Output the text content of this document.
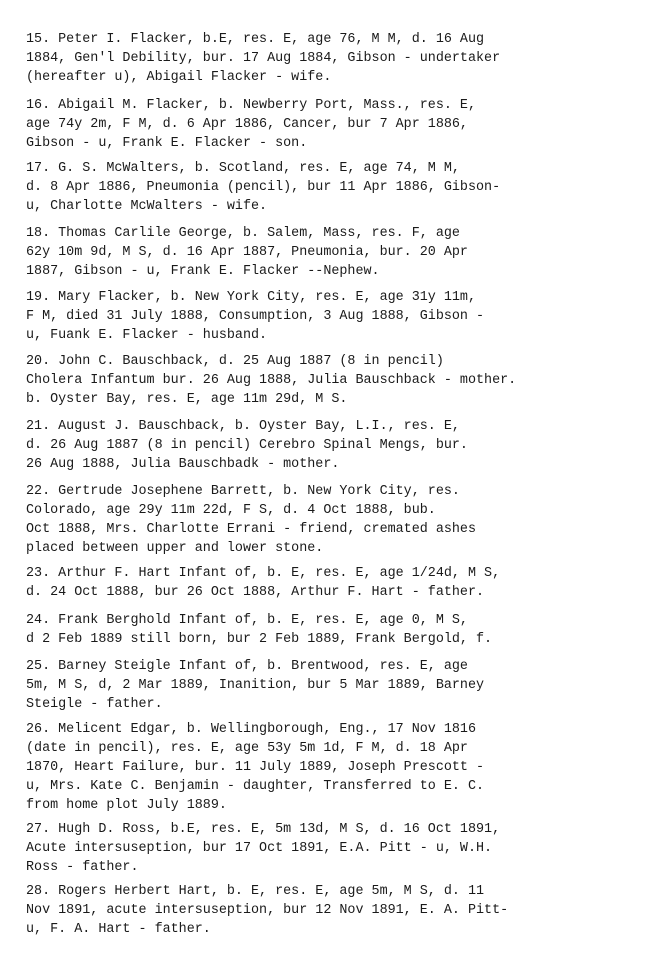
15. Peter I. Flacker, b.E, res. E, age 76, M M, d. 16 Aug
1884, Gen'l Debility, bur. 17 Aug 1884, Gibson - undertaker
(hereafter u), Abigail Flacker - wife.
16. Abigail M. Flacker, b. Newberry Port, Mass., res. E,
age 74y 2m, F M, d. 6 Apr 1886, Cancer, bur 7 Apr 1886,
Gibson - u, Frank E. Flacker - son.
17. G. S. McWalters, b. Scotland, res. E, age 74, M M,
d. 8 Apr 1886, Pneumonia (pencil), bur 11 Apr 1886, Gibson-
u, Charlotte McWalters - wife.
18. Thomas Carlile George, b. Salem, Mass, res. F, age
62y 10m 9d, M S, d. 16 Apr 1887, Pneumonia, bur. 20 Apr
1887, Gibson - u, Frank E. Flacker --Nephew.
19. Mary Flacker, b. New York City, res. E, age 31y 11m,
F M, died 31 July 1888, Consumption, 3 Aug 1888, Gibson -
u, Fuank E. Flacker - husband.
20. John C. Bauschback, d. 25 Aug 1887 (8 in pencil)
Cholera Infantum bur. 26 Aug 1888, Julia Bauschback - mother.
b. Oyster Bay, res. E, age 11m 29d, M S.
21. August J. Bauschback, b. Oyster Bay, L.I., res. E,
d. 26 Aug 1887 (8 in pencil) Cerebro Spinal Mengs, bur.
26 Aug 1888, Julia Bauschbadk - mother.
22. Gertrude Josephene Barrett, b. New York City, res.
Colorado, age 29y 11m 22d, F S, d. 4 Oct 1888, bub.
Oct 1888, Mrs. Charlotte Errani - friend, cremated ashes
placed between upper and lower stone.
23. Arthur F. Hart Infant of, b. E, res. E, age 1/24d, M S,
d. 24 Oct 1888, bur 26 Oct 1888, Arthur F. Hart - father.
24. Frank Berghold Infant of, b. E, res. E, age 0, M S,
d 2 Feb 1889 still born, bur 2 Feb 1889, Frank Bergold, f.
25. Barney Steigle Infant of, b. Brentwood, res. E, age
5m, M S, d, 2 Mar 1889, Inanition, bur 5 Mar 1889, Barney
Steigle - father.
26. Melicent Edgar, b. Wellingborough, Eng., 17 Nov 1816
(date in pencil), res. E, age 53y 5m 1d, F M, d. 18 Apr
1870, Heart Failure, bur. 11 July 1889, Joseph Prescott -
u, Mrs. Kate C. Benjamin - daughter, Transferred to E. C.
from home plot July 1889.
27. Hugh D. Ross, b.E, res. E, 5m 13d, M S, d. 16 Oct 1891,
Acute intersuseption, bur 17 Oct 1891, E.A. Pitt - u, W.H.
Ross - father.
28. Rogers Herbert Hart, b. E, res. E, age 5m, M S, d. 11
Nov 1891, acute intersuseption, bur 12 Nov 1891, E. A. Pitt-
u, F. A. Hart - father.
